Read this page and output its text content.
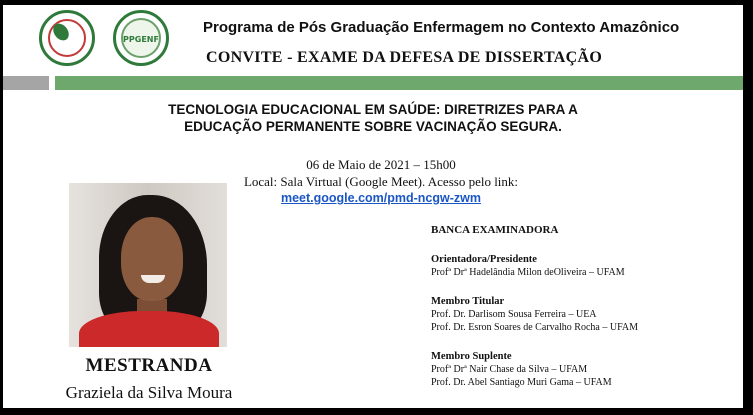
PPGENF
Programa de Pós Graduação Enfermagem no Contexto Amazônico
CONVITE - EXAME DA DEFESA DE DISSERTAÇÃO
TECNOLOGIA EDUCACIONAL EM SAÚDE: DIRETRIZES PARA A
EDUCAÇÃO PERMANENTE SOBRE VACINAÇÃO SEGURA.
06 de Maio de 2021 – 15h00
Local: Sala Virtual (Google Meet). Acesso pelo link:
meet.google.com/pmd-ncgw-zwm
MESTRANDA
Graziela da Silva Moura
BANCA EXAMINADORA
Orientadora/Presidente
Profª Drª Hadelândia Milon deOliveira – UFAM
Membro Titular
Prof. Dr. Darlisom Sousa Ferreira – UEA
Prof. Dr. Esron Soares de Carvalho Rocha – UFAM
Membro Suplente
Profª Drª Nair Chase da Silva – UFAM
Prof. Dr. Abel Santiago Muri Gama – UFAM
